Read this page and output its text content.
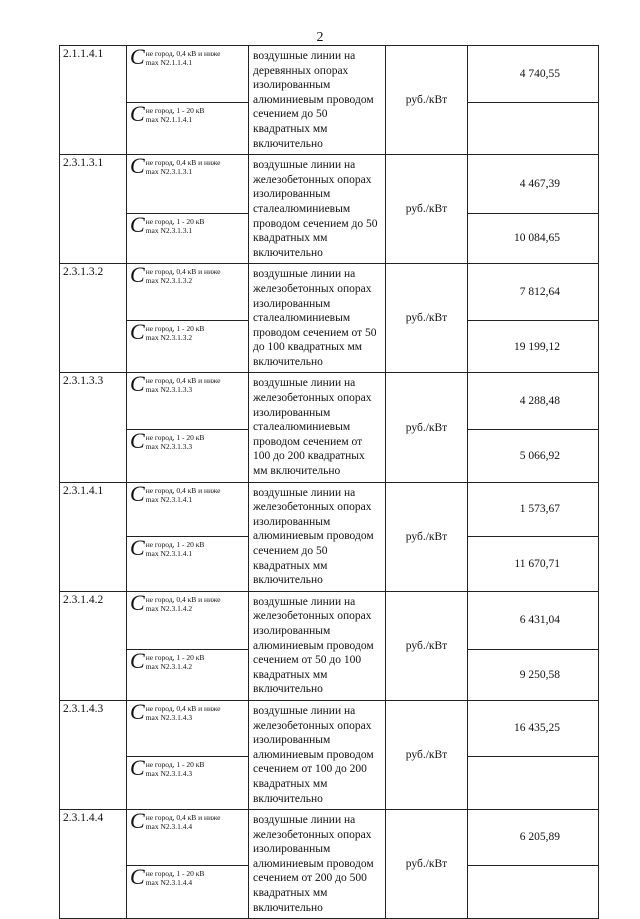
2
2.1.1.4.1	C не город, 0,4 кВ и ниже
max N2.1.1.4.1	воздушные линии на деревянных опорах изолированным алюминиевым проводом сечением до 50 квадратных мм включительно	руб./кВт	4 740,55

	C не город, 1 - 20 кВ
max N2.1.1.4.1			

2.3.1.3.1	C не город, 0,4 кВ и ниже
max N2.3.1.3.1	воздушные линии на железобетонных опорах изолированным сталеалюминиевым проводом сечением до 50 квадратных мм включительно	руб./кВт	4 467,39

	C не город, 1 - 20 кВ
max N2.3.1.3.1			10 084,65
2.3.1.3.2	C не город, 0,4 кВ и ниже
max N2.3.1.3.2	воздушные линии на железобетонных опорах изолированным сталеалюминиевым проводом сечением от 50 до 100 квадратных мм включительно	руб./кВт	7 812,64

	C не город, 1 - 20 кВ
max N2.3.1.3.2			19 199,12
2.3.1.3.3	C не город, 0,4 кВ и ниже
max N2.3.1.3.3	воздушные линии на железобетонных опорах изолированным сталеалюминиевым проводом сечением от 100 до 200 квадратных мм включительно	руб./кВт	4 288,48

	C не город, 1 - 20 кВ
max N2.3.1.3.3			5 066,92
2.3.1.4.1	C не город, 0,4 кВ и ниже
max N2.3.1.4.1	воздушные линии на железобетонных опорах изолированным алюминиевым проводом сечением до 50 квадратных мм включительно	руб./кВт	1 573,67

	C не город, 1 - 20 кВ
max N2.3.1.4.1			11 670,71
2.3.1.4.2	C не город, 0,4 кВ и ниже
max N2.3.1.4.2	воздушные линии на железобетонных опорах изолированным алюминиевым проводом сечением от 50 до 100 квадратных мм включительно	руб./кВт	6 431,04

	C не город, 1 - 20 кВ
max N2.3.1.4.2			9 250,58
2.3.1.4.3	C не город, 0,4 кВ и ниже
max N2.3.1.4.3	воздушные линии на железобетонных опорах изолированным алюминиевым проводом сечением от 100 до 200 квадратных мм включительно	руб./кВт	16 435,25

	C не город, 1 - 20 кВ
max N2.3.1.4.3			

2.3.1.4.4	C не город, 0,4 кВ и ниже
max N2.3.1.4.4	воздушные линии на железобетонных опорах изолированным алюминиевым проводом сечением от 200 до 500 квадратных мм включительно	руб./кВт	6 205,89

	C не город, 1 - 20 кВ
max N2.3.1.4.4			
